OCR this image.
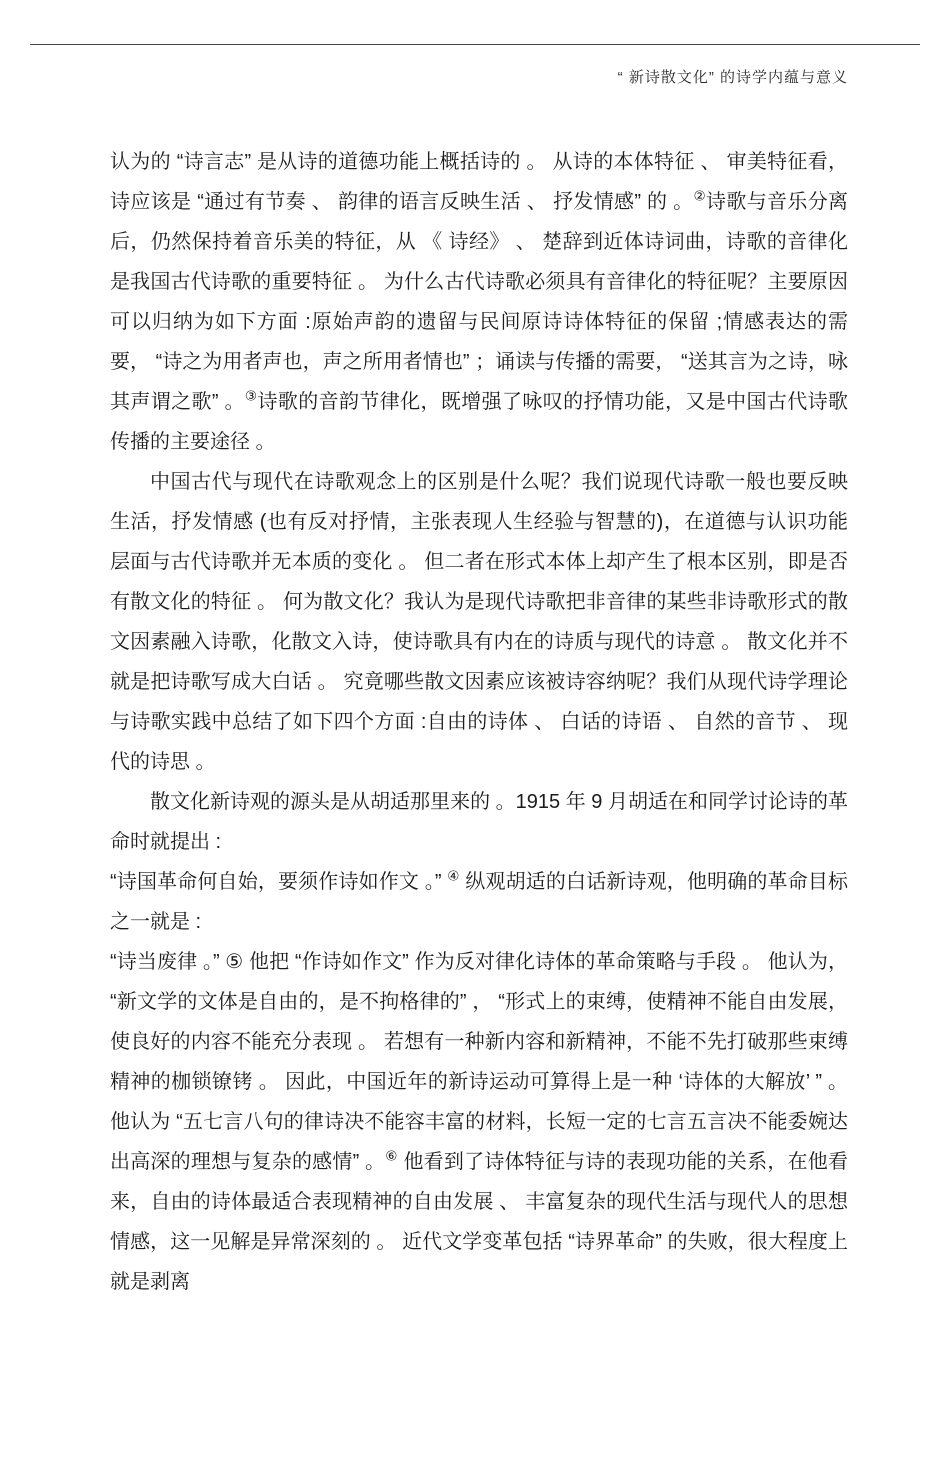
“ 新诗散文化” 的诗学内蕴与意义

认为的 “诗言志” 是从诗的道德功能上概括诗的 。 从诗的本体特征 、 审美特征看，诗应该是 “通过有节奏 、 韵律的语言反映生活 、 抒发情感” 的 。②诗歌与音乐分离后，仍然保持着音乐美的特征，从 《 诗经》 、 楚辞到近体诗词曲，诗歌的音律化是我国古代诗歌的重要特征 。 为什么古代诗歌必须具有音律化的特征呢？主要原因可以归纳为如下方面 :原始声韵的遗留与民间原诗诗体特征的保留 ;情感表达的需要， “诗之为用者声也，声之所用者情也” ；诵读与传播的需要， “送其言为之诗，咏其声谓之歌” 。③诗歌的音韵节律化，既增强了咏叹的抒情功能，又是中国古代诗歌传播的主要途径 。

中国古代与现代在诗歌观念上的区别是什么呢？我们说现代诗歌一般也要反映生活，抒发情感 (也有反对抒情，主张表现人生经验与智慧的)，在道德与认识功能层面与古代诗歌并无本质的变化 。 但二者在形式本体上却产生了根本区别，即是否有散文化的特征 。 何为散文化？我认为是现代诗歌把非音律的某些非诗歌形式的散文因素融入诗歌，化散文入诗，使诗歌具有内在的诗质与现代的诗意 。 散文化并不就是把诗歌写成大白话 。 究竟哪些散文因素应该被诗容纳呢？我们从现代诗学理论与诗歌实践中总结了如下四个方面 :自由的诗体 、 白话的诗语 、 自然的音节 、 现代的诗思 。

散文化新诗观的源头是从胡适那里来的 。1915 年 9 月胡适在和同学讨论诗的革命时就提出 :

“诗国革命何自始，要须作诗如作文 。” ④ 纵观胡适的白话新诗观，他明确的革命目标之一就是 :

“诗当废律 。” ⑤ 他把 “作诗如作文” 作为反对律化诗体的革命策略与手段 。 他认为， “新文学的文体是自由的，是不拘格律的” ， “形式上的束缚，使精神不能自由发展，使良好的内容不能充分表现 。 若想有一种新内容和新精神，不能不先打破那些束缚精神的枷锁镣铐 。 因此，中国近年的新诗运动可算得上是一种 ‘诗体的大解放’ ” 。 他认为 “五七言八句的律诗决不能容丰富的材料，长短一定的七言五言决不能委婉达出高深的理想与复杂的感情” 。⑥ 他看到了诗体特征与诗的表现功能的关系，在他看来，自由的诗体最适合表现精神的自由发展 、 丰富复杂的现代生活与现代人的思想情感，这一见解是异常深刻的 。 近代文学变革包括 “诗界革命” 的失败，很大程度上就是剥离
